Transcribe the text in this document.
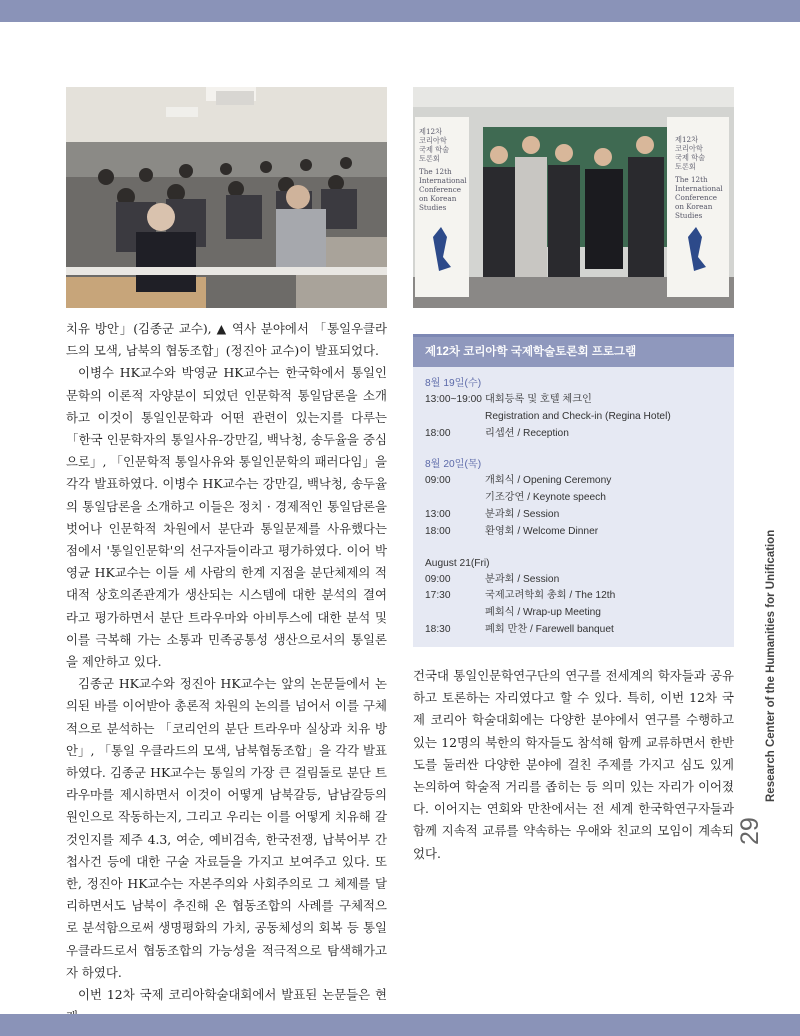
제12차
코리아학
국제 학술
토론회
The 12th
International
Conference
on Korean
Studies
제12차
코리아학
국제 학술
토론회
The 12th
International
Conference
on Korean
Studies

치유 방안」(김종군 교수), ▲ 역사 분야에서 「통일우클라드의 모색, 남북의 협동조합」(정진아 교수)이 발표되었다.

이병수 HK교수와 박영균 HK교수는 한국학에서 통일인문학의 이론적 자양분이 되었던 인문학적 통일담론을 소개하고 이것이 통일인문학과 어떤 관련이 있는지를 다루는 「한국 인문학자의 통일사유-강만길, 백낙청, 송두율을 중심으로」, 「인문학적 통일사유와 통일인문학의 패러다임」을 각각 발표하였다. 이병수 HK교수는 강만길, 백낙청, 송두율의 통일담론을 소개하고 이들은 정치 · 경제적인 통일담론을 벗어나 인문학적 차원에서 분단과 통일문제를 사유했다는 점에서 '통일인문학'의 선구자들이라고 평가하였다. 이어 박영균 HK교수는 이들 세 사람의 한계 지점을 분단체제의 적대적 상호의존관계가 생산되는 시스템에 대한 분석의 결여라고 평가하면서 분단 트라우마와 아비투스에 대한 분석 및 이를 극복해 가는 소통과 민족공통성 생산으로서의 통일론을 제안하고 있다.

김종군 HK교수와 정진아 HK교수는 앞의 논문들에서 논의된 바를 이어받아 총론적 차원의 논의를 넘어서 이를 구체적으로 분석하는 「코리언의 분단 트라우마 실상과 치유 방안」, 「통일 우클라드의 모색, 남북협동조합」을 각각 발표하였다. 김종군 HK교수는 통일의 가장 큰 걸림돌로 분단 트라우마를 제시하면서 이것이 어떻게 남북갈등, 남남갈등의 원인으로 작동하는지, 그리고 우리는 이를 어떻게 치유해 갈 것인지를 제주 4.3, 여순, 예비검속, 한국전쟁, 납북어부 간첩사건 등에 대한 구술 자료들을 가지고 보여주고 있다. 또한, 정진아 HK교수는 자본주의와 사회주의로 그 체제를 달리하면서도 남북이 추진해 온 협동조합의 사례를 구체적으로 분석함으로써 생명평화의 가치, 공동체성의 회복 등 통일 우클라드로서 협동조합의 가능성을 적극적으로 탐색해가고자 하였다.

이번 12차 국제 코리아학술대회에서 발표된 논문들은 현

제12차 코리아학 국제학술토론회 프로그램
8월 19일(수)
13:00~19:00 대회등록 및 호텔 체크인
Registration and Check-in (Regina Hotel)
18:00	리셉션 / Reception
8월 20일(목)
09:00	개회식 / Opening Ceremony
기조강연 / Keynote speech
13:00	분과회 / Session
18:00	환영회 / Welcome Dinner
August 21(Fri)
09:00	분과회 / Session
17:30	국제고려학회 총회 / The 12th
폐회식 / Wrap-up Meeting
18:30	폐회 만찬 / Farewell banquet

건국대 통일인문학연구단의 연구를 전세계의 학자들과 공유하고 토론하는 자리였다고 할 수 있다. 특히, 이번 12차 국제 코리아 학술대회에는 다양한 분야에서 연구를 수행하고 있는 12명의 북한의 학자들도 참석해 함께 교류하면서 한반도를 둘러싼 다양한 분야에 걸친 주제를 가지고 심도 있게 논의하여 학술적 거리를 좁히는 등 의미 있는 자리가 이어졌다. 이어지는 연회와 만찬에서는 전 세계 한국학연구자들과 함께 지속적 교류를 약속하는 우애와 친교의 모임이 계속되었다.

29
Research Center of the Humanities for Unification
